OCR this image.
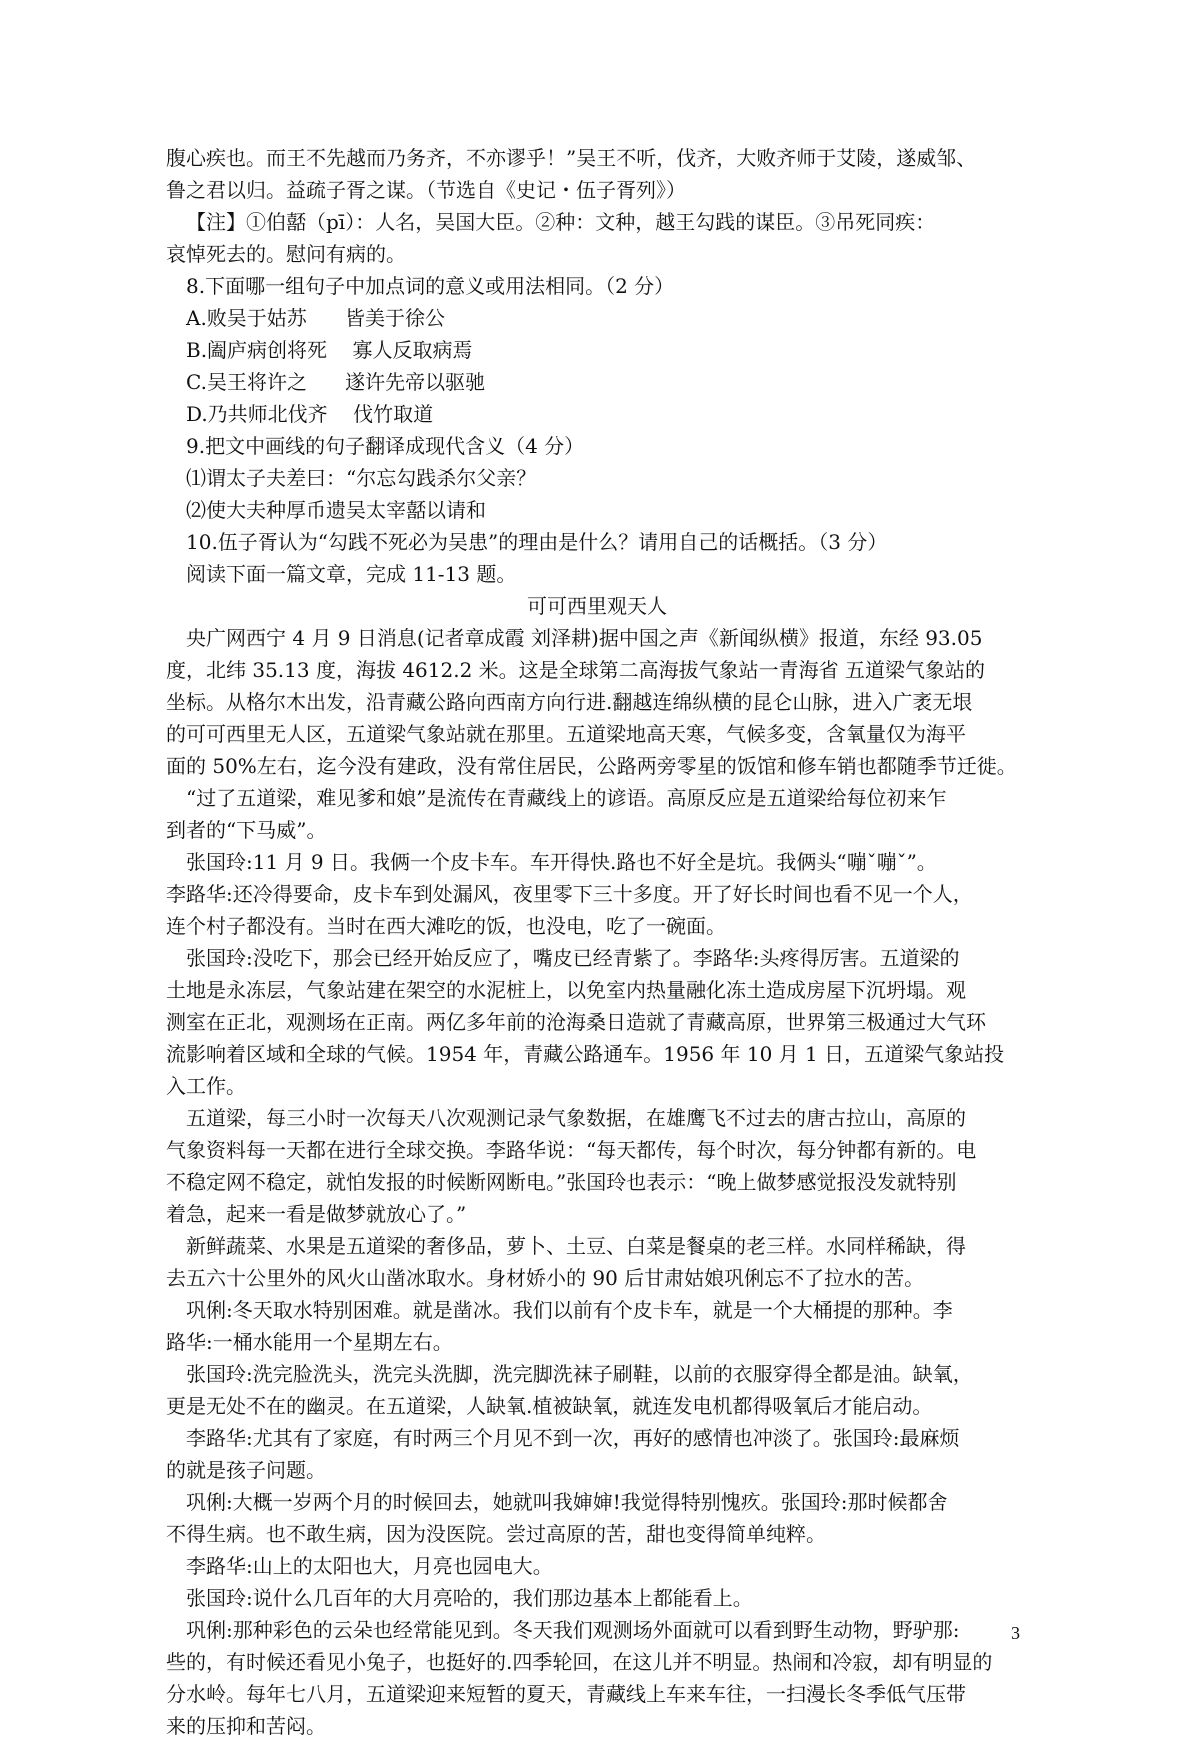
腹心疾也。而王不先越而乃务齐，不亦谬乎！”吴王不听，伐齐，大败齐师于艾陵，遂威邹、
鲁之君以归。益疏子胥之谋。（节选自《史记・伍子胥列》）
【注】①伯嚭（pī）：人名，吴国大臣。②种：文种，越王勾践的谋臣。③吊死同疾：
哀悼死去的。慰问有病的。
8.下面哪一组句子中加点词的意义或用法相同。（2 分）
A.败吴于姑苏      皆美于徐公
B.阖庐病创将死    寡人反取病焉
C.吴王将许之      遂许先帝以驱驰
D.乃共师北伐齐    伐竹取道
9.把文中画线的句子翻译成现代含义（4 分）
⑴谓太子夫差曰：“尔忘勾践杀尔父亲？
⑵使大夫种厚币遗吴太宰嚭以请和
10.伍子胥认为“勾践不死必为吴患”的理由是什么？请用自己的话概括。（3 分）
阅读下面一篇文章，完成 11-13 题。
可可西里观天人
央广网西宁 4 月 9 日消息(记者章成霞 刘泽耕)据中国之声《新闻纵横》报道，东经 93.05
度，北纬 35.13 度，海拔 4612.2 米。这是全球第二高海拔气象站一青海省 五道梁气象站的
坐标。从格尔木出发，沿青藏公路向西南方向行进.翻越连绵纵横的昆仑山脉，进入广袤无垠
的可可西里无人区，五道梁气象站就在那里。五道梁地高天寒，气候多变，含氧量仅为海平
面的 50%左右，迄今没有建政，没有常住居民，公路两旁零星的饭馆和修车销也都随季节迁徙。
“过了五道梁，难见爹和娘”是流传在青藏线上的谚语。高原反应是五道梁给每位初来乍
到者的“下马威”。
张国玲:11 月 9 日。我俩一个皮卡车。车开得快.路也不好全是坑。我俩头“嘣ˇ嘣ˇ”。
李路华:还冷得要命，皮卡车到处漏风，夜里零下三十多度。开了好长时间也看不见一个人，
连个村子都没有。当时在西大滩吃的饭，也没电，吃了一碗面。
张国玲:没吃下，那会已经开始反应了，嘴皮已经青紫了。李路华:头疼得厉害。五道梁的
土地是永冻层，气象站建在架空的水泥桩上，以免室内热量融化冻土造成房屋下沉坍塌。观
测室在正北，观测场在正南。两亿多年前的沧海桑日造就了青藏高原，世界第三极通过大气环
流影响着区域和全球的气候。1954 年，青藏公路通车。1956 年 10 月 1 日，五道梁气象站投
入工作。
五道梁，每三小时一次每天八次观测记录气象数据，在雄鹰飞不过去的唐古拉山，高原的
气象资料每一天都在进行全球交换。李路华说：“每天都传，每个时次，每分钟都有新的。电
不稳定网不稳定，就怕发报的时候断网断电。”张国玲也表示：“晚上做梦感觉报没发就特别
着急，起来一看是做梦就放心了。”
新鲜蔬菜、水果是五道梁的奢侈品，萝卜、土豆、白菜是餐桌的老三样。水同样稀缺，得
去五六十公里外的风火山凿冰取水。身材娇小的 90 后甘肃姑娘巩俐忘不了拉水的苦。
巩俐:冬天取水特别困难。就是凿冰。我们以前有个皮卡车，就是一个大桶提的那种。李
路华:一桶水能用一个星期左右。
张国玲:洗完脸洗头，洗完头洗脚，洗完脚洗袜子刷鞋，以前的衣服穿得全都是油。缺氧，
更是无处不在的幽灵。在五道梁，人缺氧.植被缺氧，就连发电机都得吸氧后才能启动。
李路华:尤其有了家庭，有时两三个月见不到一次，再好的感情也冲淡了。张国玲:最麻烦
的就是孩子问题。
巩俐:大概一岁两个月的时候回去，她就叫我婶婶!我觉得特别愧疚。张国玲:那时候都舍
不得生病。也不敢生病，因为没医院。尝过高原的苦，甜也变得简单纯粹。
李路华:山上的太阳也大，月亮也园电大。
张国玲:说什么几百年的大月亮哈的，我们那边基本上都能看上。
巩俐:那种彩色的云朵也经常能见到。冬天我们观测场外面就可以看到野生动物，野驴那:
些的，有时候还看见小兔子，也挺好的.四季轮回，在这儿并不明显。热闹和冷寂，却有明显的
分水岭。每年七八月，五道梁迎来短暂的夏天，青藏线上车来车往，一扫漫长冬季低气压带
来的压抑和苦闷。
3
